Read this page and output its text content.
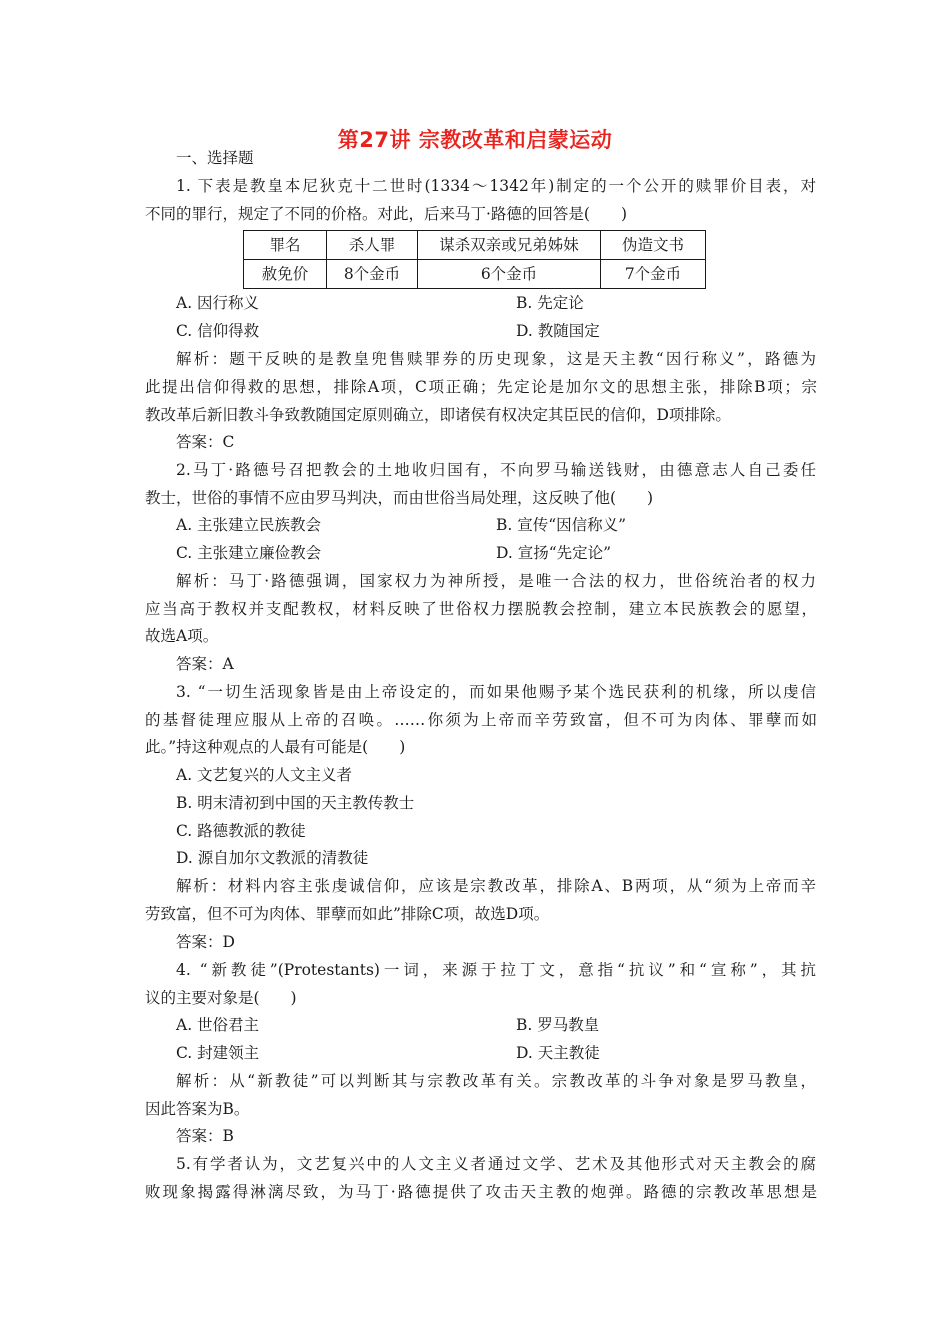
第27讲 宗教改革和启蒙运动
一、选择题
1. 下表是教皇本尼狄克十二世时(1334～1342年)制定的一个公开的赎罪价目表，对
不同的罪行，规定了不同的价格。对此，后来马丁·路德的回答是(　　)
罪名	杀人罪	谋杀双亲或兄弟姊妹	伪造文书
赦免价	8个金币	6个金币	7个金币
A. 因行称义	B. 先定论
C. 信仰得救	D. 教随国定
解析：题干反映的是教皇兜售赎罪券的历史现象，这是天主教“因行称义”，路德为
此提出信仰得救的思想，排除A项，C项正确；先定论是加尔文的思想主张，排除B项；宗
教改革后新旧教斗争致教随国定原则确立，即诸侯有权决定其臣民的信仰，D项排除。
答案：C
2.马丁·路德号召把教会的土地收归国有，不向罗马输送钱财，由德意志人自己委任
教士，世俗的事情不应由罗马判决，而由世俗当局处理，这反映了他(　　)
A. 主张建立民族教会	B. 宣传“因信称义”
C. 主张建立廉俭教会	D. 宣扬“先定论”
解析：马丁·路德强调，国家权力为神所授，是唯一合法的权力，世俗统治者的权力
应当高于教权并支配教权，材料反映了世俗权力摆脱教会控制，建立本民族教会的愿望，
故选A项。
答案：A
3. “一切生活现象皆是由上帝设定的，而如果他赐予某个选民获利的机缘，所以虔信
的基督徒理应服从上帝的召唤。……你须为上帝而辛劳致富，但不可为肉体、罪孽而如
此。”持这种观点的人最有可能是(　　)
A. 文艺复兴的人文主义者
B. 明末清初到中国的天主教传教士
C. 路德教派的教徒
D. 源自加尔文教派的清教徒
解析：材料内容主张虔诚信仰，应该是宗教改革，排除A、B两项，从“须为上帝而辛
劳致富，但不可为肉体、罪孽而如此”排除C项，故选D项。
答案：D
4. “新教徒”(Protestants)一词，来源于拉丁文，意指“抗议”和“宣称”，其抗
议的主要对象是(　　)
A. 世俗君主	B. 罗马教皇
C. 封建领主	D. 天主教徒
解析：从“新教徒”可以判断其与宗教改革有关。宗教改革的斗争对象是罗马教皇，
因此答案为B。
答案：B
5.有学者认为，文艺复兴中的人文主义者通过文学、艺术及其他形式对天主教会的腐
败现象揭露得淋漓尽致，为马丁·路德提供了攻击天主教的炮弹。路德的宗教改革思想是
